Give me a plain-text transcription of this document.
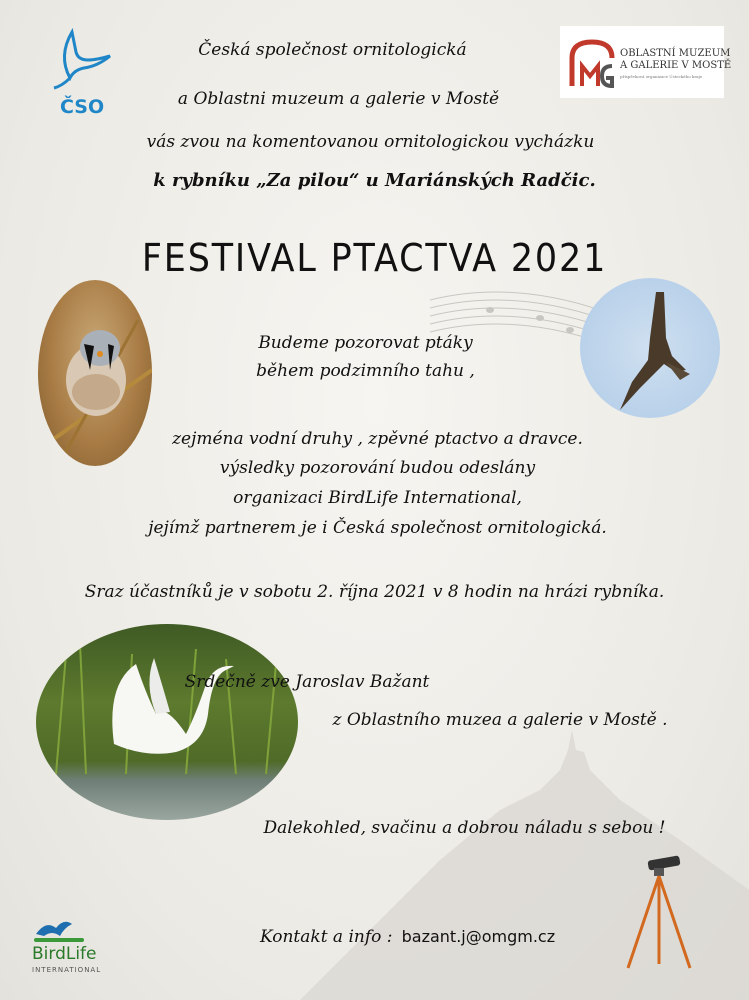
ČSO
OBLASTNÍ MUZEUM
A GALERIE V MOSTĚ
příspěvková organizace Ústeckého kraje
Česká společnost ornitologická
a Oblastni muzeum a galerie v Mostě
vás zvou na komentovanou ornitologickou vycházku
k rybníku „Za pilou“ u Mariánských Radčic.
FESTIVAL PTACTVA 2021
Budeme pozorovat ptáky
během podzimního tahu ,
zejména vodní druhy , zpěvné ptactvo a dravce.
výsledky pozorování budou odeslány
organizaci BirdLife International,
jejímž partnerem je i Česká společnost ornitologická.
Sraz účastníků je v sobotu 2. října 2021 v 8 hodin na hrázi rybníka.
Srdečně zve Jaroslav Bažant
z Oblastního muzea a galerie v Mostě .
Dalekohled, svačinu a dobrou náladu s sebou !
Kontakt a info : bazant.j@omgm.cz
BirdLife
INTERNATIONAL
